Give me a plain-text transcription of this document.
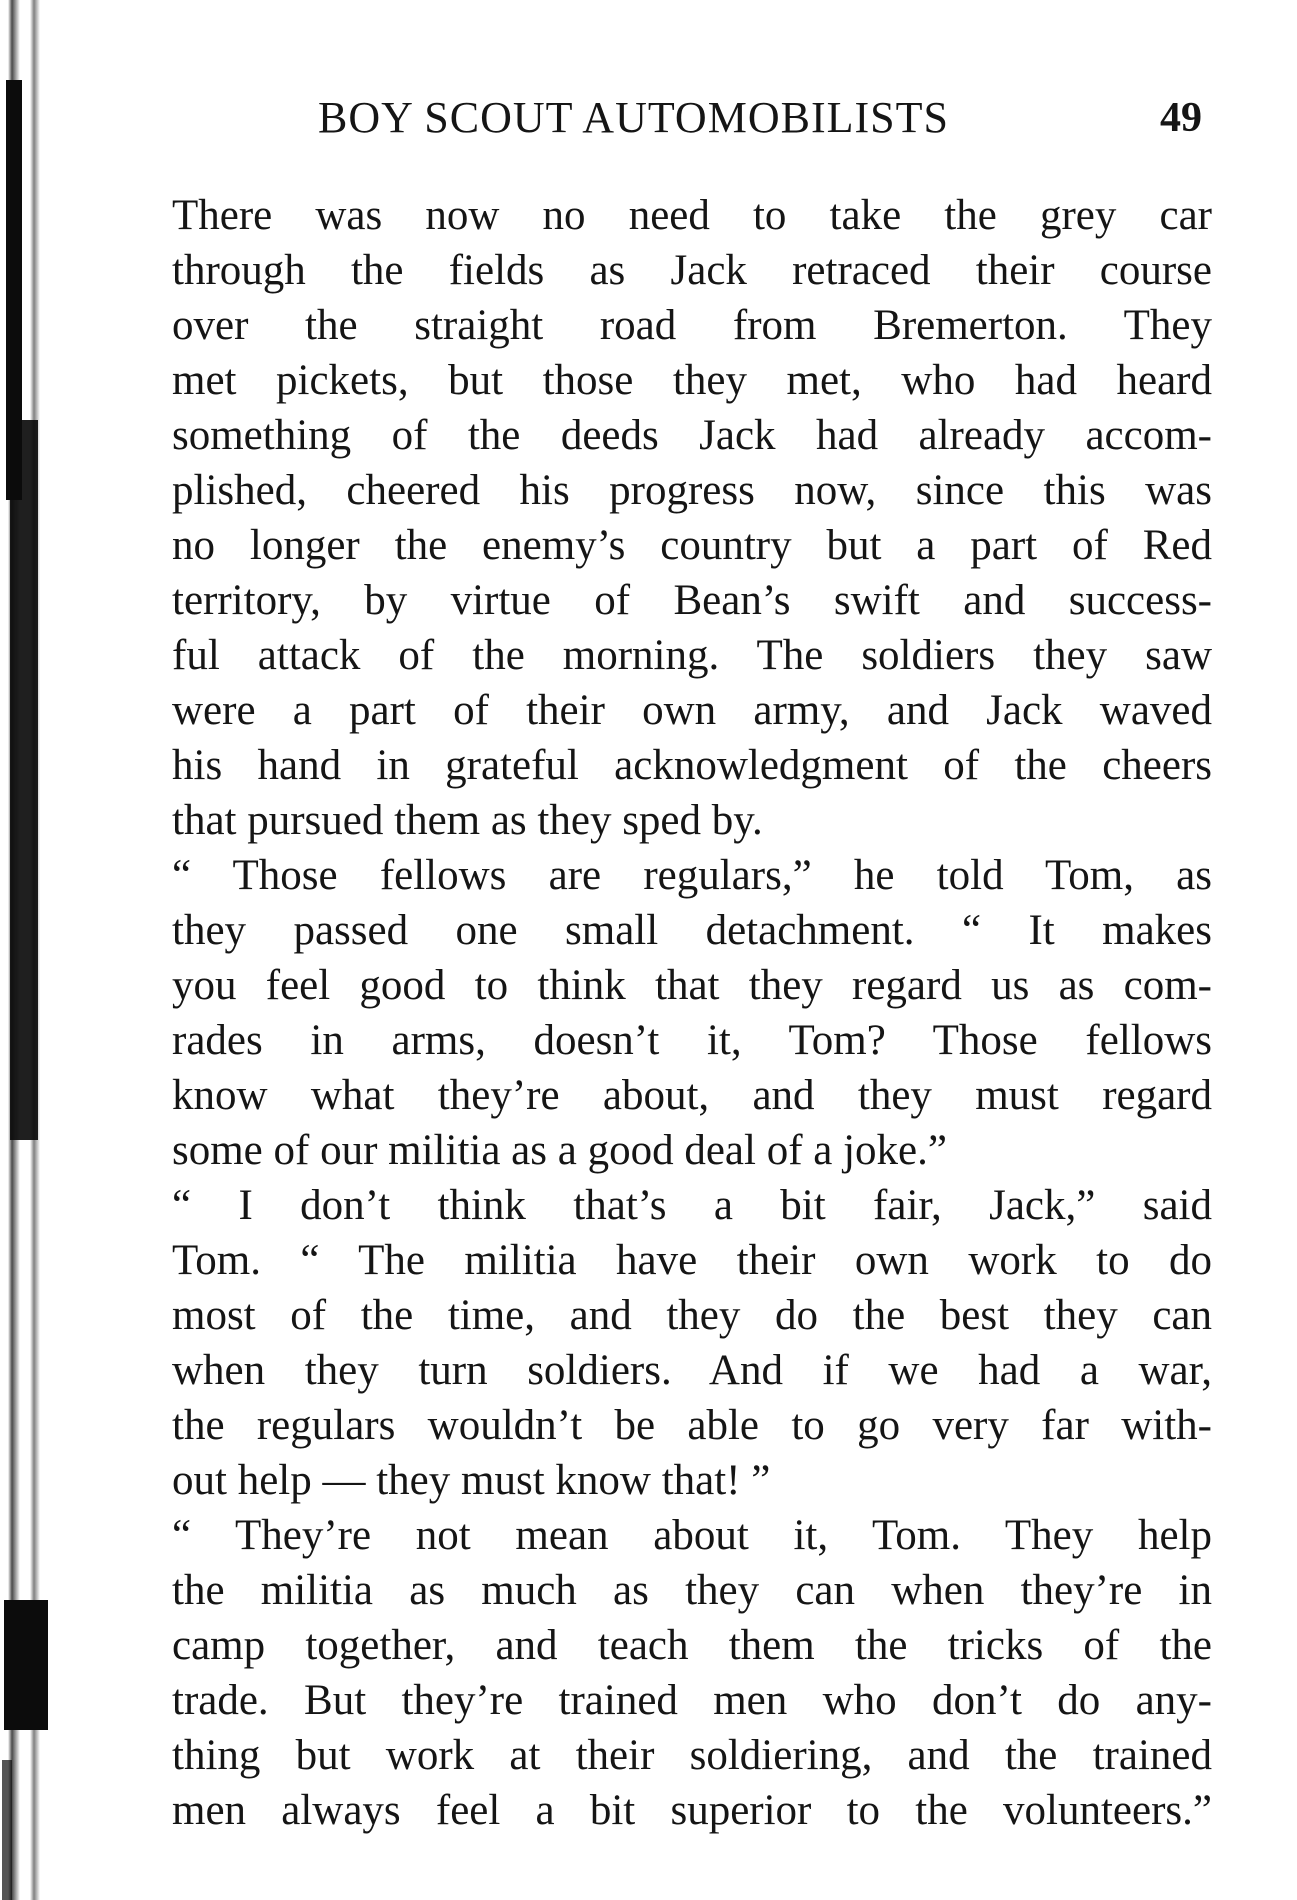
BOY SCOUT AUTOMOBILISTS	49
There was now no need to take the grey car
through the fields as Jack retraced their course
over the straight road from Bremerton. They
met pickets, but those they met, who had heard
something of the deeds Jack had already accom-
plished, cheered his progress now, since this was
no longer the enemy’s country but a part of Red
territory, by virtue of Bean’s swift and success-
ful attack of the morning. The soldiers they saw
were a part of their own army, and Jack waved
his hand in grateful acknowledgment of the cheers
that pursued them as they sped by.
“ Those fellows are regulars,” he told Tom, as
they passed one small detachment. “ It makes
you feel good to think that they regard us as com-
rades in arms, doesn’t it, Tom? Those fellows
know what they’re about, and they must regard
some of our militia as a good deal of a joke.”
“ I don’t think that’s a bit fair, Jack,” said
Tom. “ The militia have their own work to do
most of the time, and they do the best they can
when they turn soldiers. And if we had a war,
the regulars wouldn’t be able to go very far with-
out help — they must know that! ”
“ They’re not mean about it, Tom. They help
the militia as much as they can when they’re in
camp together, and teach them the tricks of the
trade. But they’re trained men who don’t do any-
thing but work at their soldiering, and the trained
men always feel a bit superior to the volunteers.”
